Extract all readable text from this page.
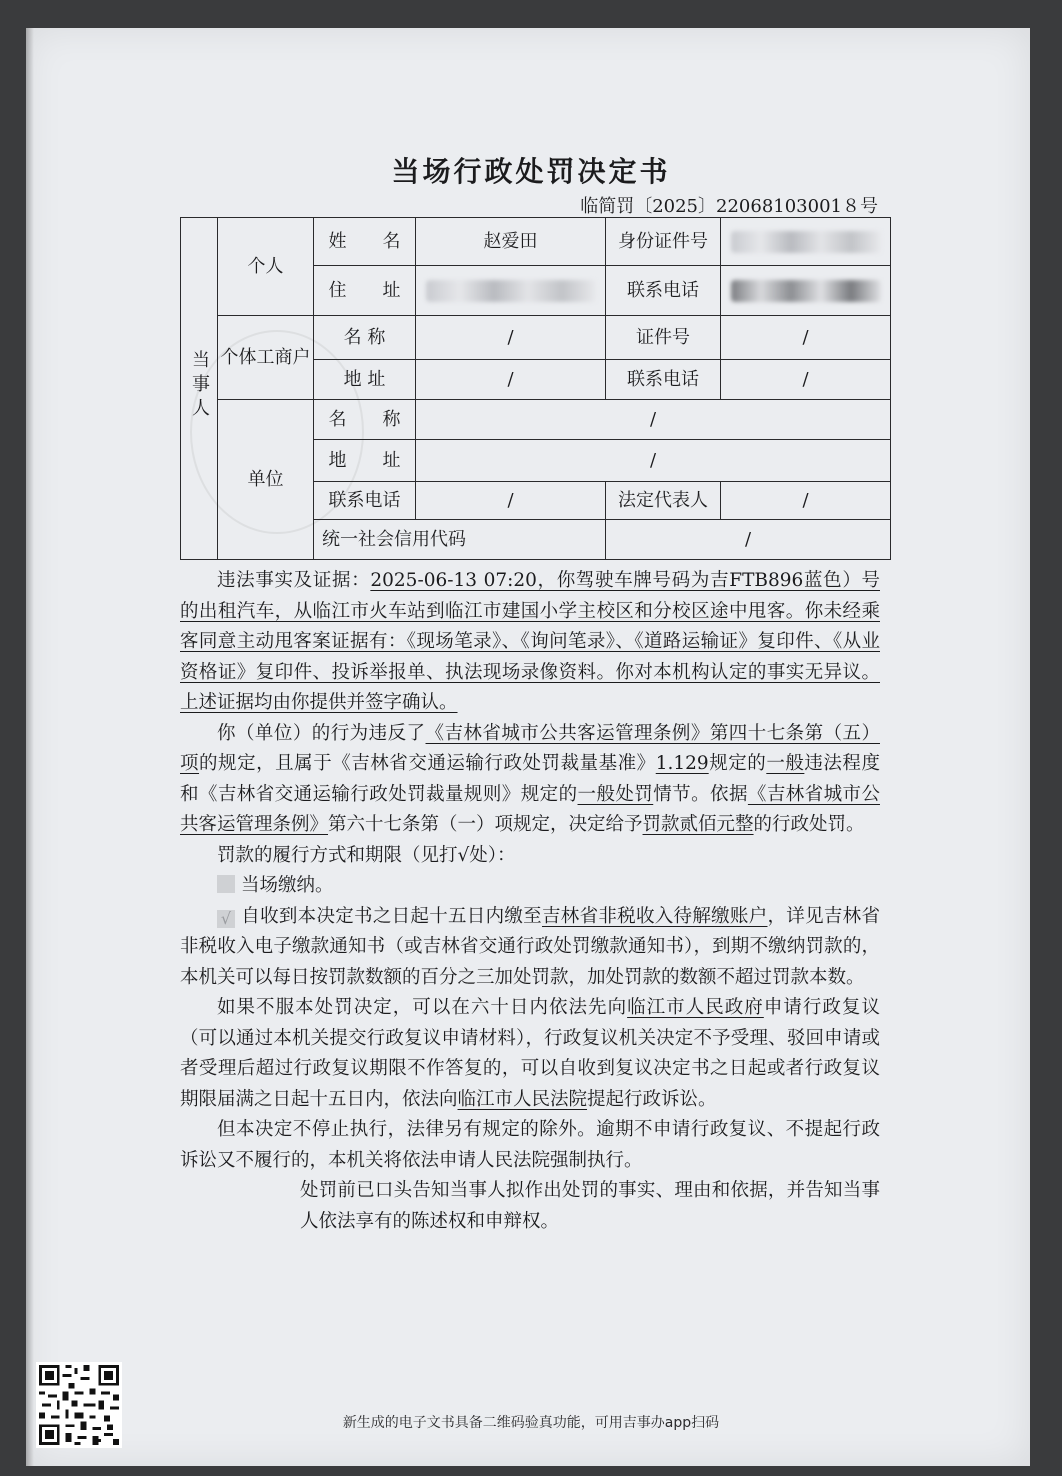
当场行政处罚决定书
临简罚〔2025〕22068103001８号
当事人	个人	姓　　名	赵爱田	身份证件号	
		住　　址		联系电话	
	个体工商户	名 称	/	证件号	/
		地 址	/	联系电话	/
	单位	名　　称	/		
		地　　址	/		
		联系电话	/	法定代表人	/
		统一社会信用代码		/	

违法事实及证据：2025-06-13 07:20，你驾驶车牌号码为吉FTB896蓝色）号的出租汽车，从临江市火车站到临江市建国小学主校区和分校区途中甩客。你未经乘客同意主动甩客案证据有：《现场笔录》、《询问笔录》、《道路运输证》复印件、《从业资格证》复印件、投诉举报单、执法现场录像资料。你对本机构认定的事实无异议。上述证据均由你提供并签字确认。

你（单位）的行为违反了《吉林省城市公共客运管理条例》第四十七条第（五）项的规定，且属于《吉林省交通运输行政处罚裁量基准》1.129规定的一般违法程度和《吉林省交通运输行政处罚裁量规则》规定的一般处罚情节。依据《吉林省城市公共客运管理条例》第六十七条第（一）项规定，决定给予罚款贰佰元整的行政处罚。

罚款的履行方式和期限（见打√处）：

当场缴纳。

√ 自收到本决定书之日起十五日内缴至吉林省非税收入待解缴账户，详见吉林省非税收入电子缴款通知书（或吉林省交通行政处罚缴款通知书），到期不缴纳罚款的，本机关可以每日按罚款数额的百分之三加处罚款，加处罚款的数额不超过罚款本数。

如果不服本处罚决定，可以在六十日内依法先向临江市人民政府申请行政复议（可以通过本机关提交行政复议申请材料），行政复议机关决定不予受理、驳回申请或者受理后超过行政复议期限不作答复的，可以自收到复议决定书之日起或者行政复议期限届满之日起十五日内，依法向临江市人民法院提起行政诉讼。

但本决定不停止执行，法律另有规定的除外。逾期不申请行政复议、不提起行政诉讼又不履行的，本机关将依法申请人民法院强制执行。

处罚前已口头告知当事人拟作出处罚的事实、理由和依据，并告知当事人依法享有的陈述权和申辩权。

新生成的电子文书具备二维码验真功能，可用吉事办app扫码
